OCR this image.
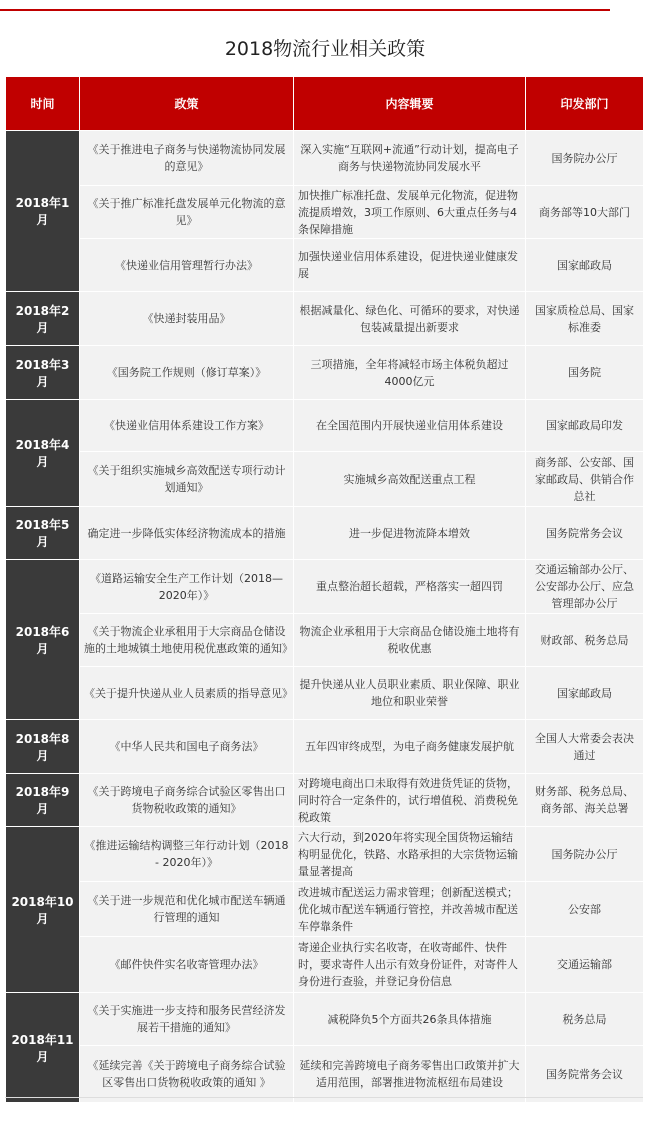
2018物流行业相关政策
时间	政策	内容辑要	印发部门
2018年1月	《关于推进电子商务与快递物流协同发展的意见》	深入实施“互联网+流通”行动计划，提高电子商务与快递物流协同发展水平	国务院办公厅
	《关于推广标准托盘发展单元化物流的意见》	加快推广标准托盘、发展单元化物流，促进物流提质增效，3项工作原则、6大重点任务与4条保障措施	商务部等10大部门
	《快递业信用管理暂行办法》	加强快递业信用体系建设，促进快递业健康发展	国家邮政局
2018年2月	《快递封装用品》	根据减量化、绿色化、可循环的要求，对快递包装减量提出新要求	国家质检总局、国家标准委
2018年3月	《国务院工作规则（修订草案）》	三项措施，全年将减轻市场主体税负超过4000亿元	国务院
2018年4月	《快递业信用体系建设工作方案》	在全国范围内开展快递业信用体系建设	国家邮政局印发
	《关于组织实施城乡高效配送专项行动计划通知》	实施城乡高效配送重点工程	商务部、公安部、国家邮政局、供销合作总社
2018年5月	确定进一步降低实体经济物流成本的措施	进一步促进物流降本增效	国务院常务会议
2018年6月	《道路运输安全生产工作计划（2018—2020年）》	重点整治超长超载，严格落实一超四罚	交通运输部办公厅、公安部办公厅、应急管理部办公厅
	《关于物流企业承租用于大宗商品仓储设施的土地城镇土地使用税优惠政策的通知》	物流企业承租用于大宗商品仓储设施土地将有税收优惠	财政部、税务总局
	《关于提升快递从业人员素质的指导意见》	提升快递从业人员职业素质、职业保障、职业地位和职业荣誉	国家邮政局
2018年8月	《中华人民共和国电子商务法》	五年四审终成型，为电子商务健康发展护航	全国人大常委会表决通过
2018年9月	《关于跨境电子商务综合试验区零售出口货物税收政策的通知》	对跨境电商出口未取得有效进货凭证的货物，同时符合一定条件的，试行增值税、消费税免税政策	财务部、税务总局、商务部、海关总署
2018年10月	《推进运输结构调整三年行动计划（2018 - 2020年）》	六大行动，到2020年将实现全国货物运输结构明显优化，铁路、水路承担的大宗货物运输量显著提高	国务院办公厅
	《关于进一步规范和优化城市配送车辆通行管理的通知	改进城市配送运力需求管理；创新配送模式；优化城市配送车辆通行管控，并改善城市配送车停靠条件	公安部
	《邮件快件实名收寄管理办法》	寄递企业执行实名收寄，在收寄邮件、快件时，要求寄件人出示有效身份证件，对寄件人身份进行查验，并登记身份信息	交通运输部
2018年11月	《关于实施进一步支持和服务民营经济发展若干措施的通知》	减税降负5个方面共26条具体措施	税务总局
	《延续完善《关于跨境电子商务综合试验区零售出口货物税收政策的通知 》	延续和完善跨境电子商务零售出口政策并扩大适用范围，部署推进物流枢纽布局建设	国务院常务会议
